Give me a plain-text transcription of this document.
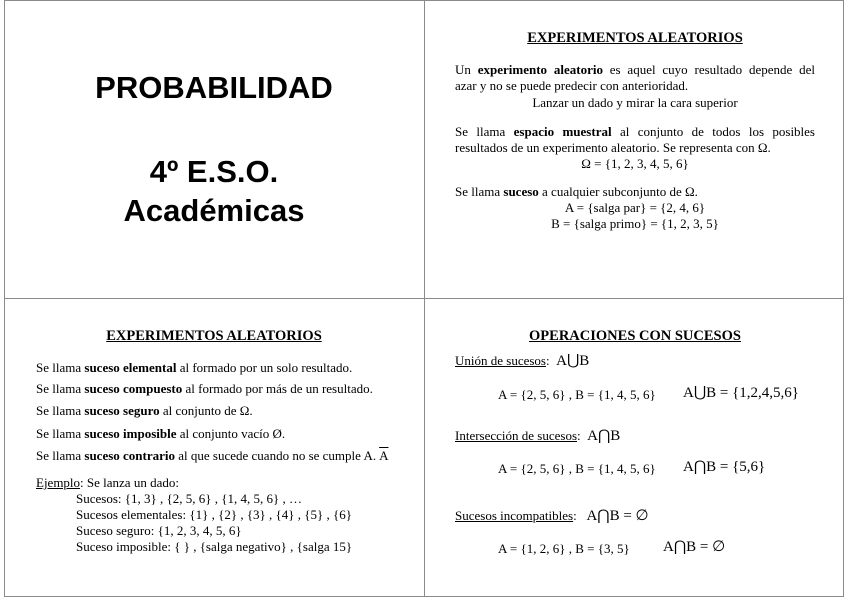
PROBABILIDAD
4º E.S.O.
Académicas
EXPERIMENTOS ALEATORIOS
Un experimento aleatorio es aquel cuyo resultado depende del
azar y no se puede predecir con anterioridad.
Lanzar un dado y mirar la cara superior
Se llama espacio muestral al conjunto de todos los posibles
resultados de un experimento aleatorio. Se representa con Ω.
Ω = {1, 2, 3, 4, 5, 6}
Se llama suceso a cualquier subconjunto de Ω.
A = {salga par} = {2, 4, 6}
B = {salga primo} = {1, 2, 3, 5}
EXPERIMENTOS ALEATORIOS
Se llama suceso elemental al formado por un solo resultado.
Se llama suceso compuesto al formado por más de un resultado.
Se llama suceso seguro al conjunto de Ω.
Se llama suceso imposible al conjunto vacío Ø.
Se llama suceso contrario al que sucede cuando no se cumple A. $\overline{A}$
Ejemplo: Se lanza un dado:
Sucesos: {1, 3} , {2, 5, 6} , {1, 4, 5, 6} , …
Sucesos elementales: {1} , {2} , {3} , {4} , {5} , {6}
Suceso seguro: {1, 2, 3, 4, 5, 6}
Suceso imposible: { } , {salga negativo} , {salga 15}
OPERACIONES CON SUCESOS
Unión de sucesos:  A⋃B
A = {2, 5, 6} , B = {1, 4, 5, 6} A⋃B = {1,2,4,5,6}
Intersección de sucesos:  A⋂B
A = {2, 5, 6} , B = {1, 4, 5, 6} A⋂B = {5,6}
Sucesos incompatibles:   A⋂B = ∅
A = {1, 2, 6} , B = {3, 5} A⋂B = ∅
